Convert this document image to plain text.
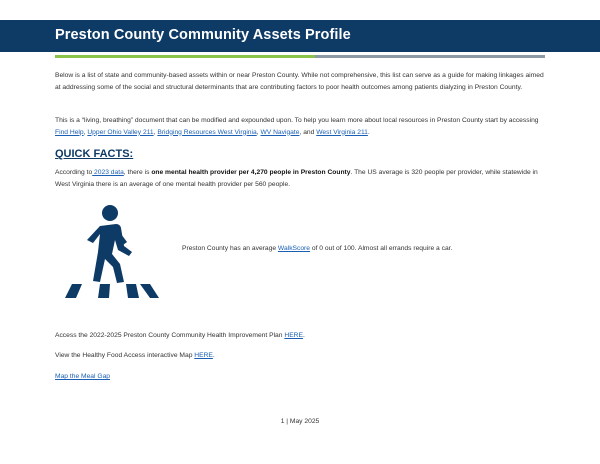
Preston County Community Assets Profile
Below is a list of state and community-based assets within or near Preston County. While not comprehensive, this list can serve as a guide for making linkages aimed at addressing some of the social and structural determinants that are contributing factors to poor health outcomes among patients dialyzing in Preston County.
This is a “living, breathing” document that can be modified and expounded upon. To help you learn more about local resources in Preston County start by accessing Find Help, Upper Ohio Valley 211, Bridging Resources West Virginia, WV Navigate, and West Virginia 211.
QUICK FACTS:
According to 2023 data, there is one mental health provider per 4,270 people in Preston County. The US average is 320 people per provider, while statewide in West Virginia there is an average of one mental health provider per 560 people.
Preston County has an average WalkScore of 0 out of 100. Almost all errands require a car.
Access the 2022-2025 Preston County Community Health Improvement Plan HERE.
View the Healthy Food Access interactive Map HERE.
Map the Meal Gap
1 | May 2025
